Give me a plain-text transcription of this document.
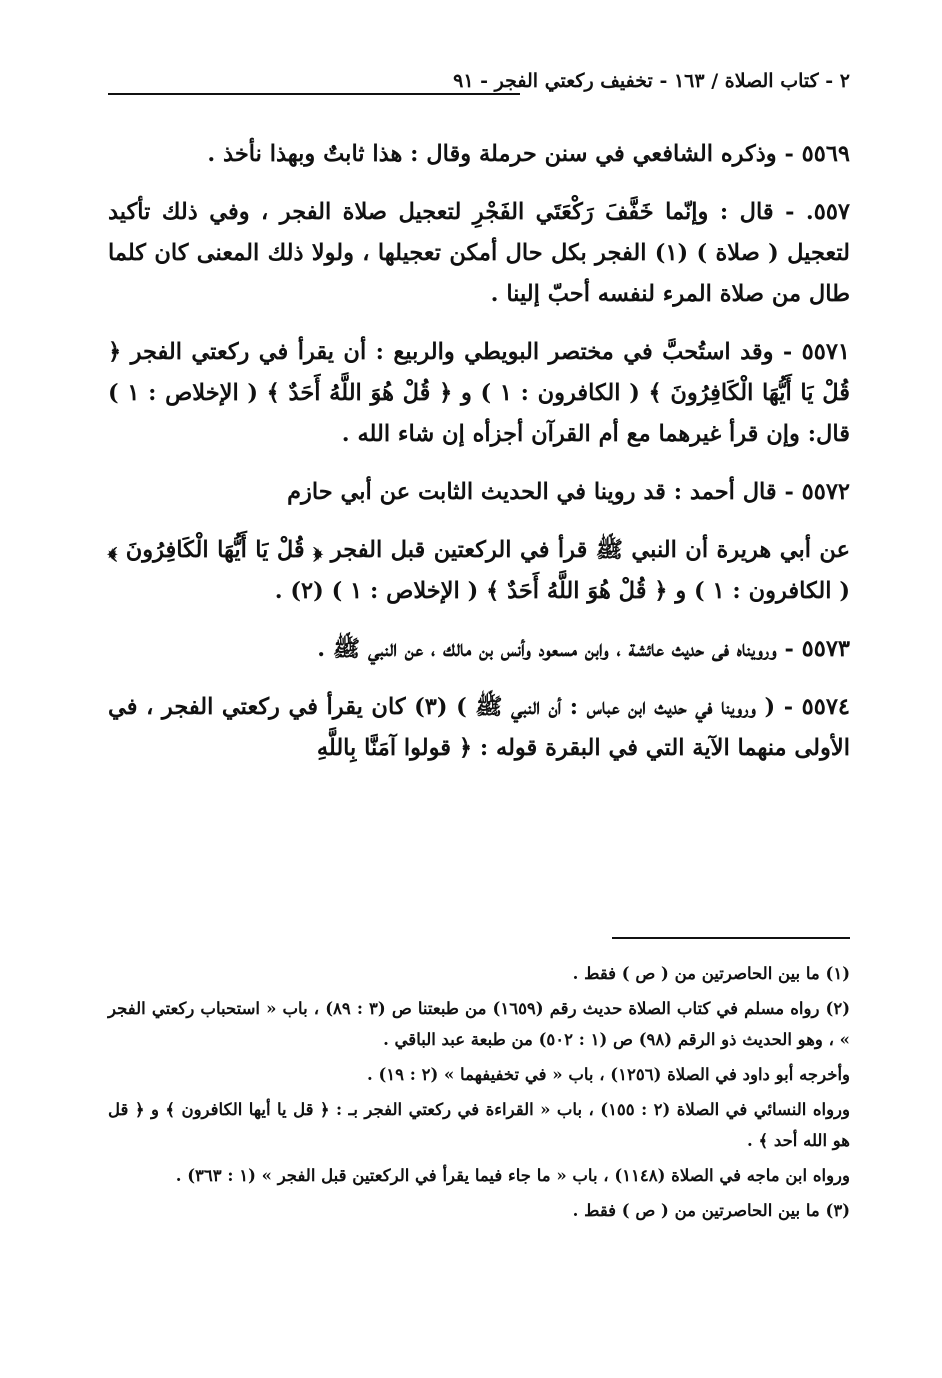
٢ - كتاب الصلاة / ١٦٣ - تخفيف ركعتي الفجر - ٩١

٥٥٦٩ - وذكره الشافعي في سنن حرملة وقال : هذا ثابتٌ وبهذا نأخذ .

٥٥٧. - قال : وإنّما خَفَّفَ رَكْعَتَي الفَجْرِ لتعجيل صلاة الفجر ، وفي ذلك تأكيد لتعجيل ( صلاة ) (١) الفجر بكل حال أمكن تعجيلها ، ولولا ذلك المعنى كان كلما طال من صلاة المرء لنفسه أحبّ إلينا .

٥٥٧١ - وقد استُحبَّ في مختصر البويطي والربيع : أن يقرأ في ركعتي الفجر ﴿ قُلْ يَا أَيُّهَا الْكَافِرُونَ ﴾ ( الكافرون : ١ ) و ﴿ قُلْ هُوَ اللَّهُ أَحَدٌ ﴾ ( الإخلاص : ١ ) قال: وإن قرأ غيرهما مع أم القرآن أجزأه إن شاء الله .

٥٥٧٢ - قال أحمد : قد روينا في الحديث الثابت عن أبي حازم

عن أبي هريرة أن النبي ﷺ قرأ في الركعتين قبل الفجر ﴿ قُلْ يَا أَيُّهَا الْكَافِرُونَ ﴾ ( الكافرون : ١ ) و ﴿ قُلْ هُوَ اللَّهُ أَحَدٌ ﴾ ( الإخلاص : ١ ) (٢) .

٥٥٧٣ - ورويناه فى حديث عائشة ، وابن مسعود وأنس بن مالك ، عن النبي ﷺ .

٥٥٧٤ - ( وروينا في حديث ابن عباس : أن النبي ﷺ ) (٣) كان يقرأ في ركعتي الفجر ، في الأولى منهما الآية التي في البقرة قوله : ﴿ قولوا آمَنَّا بِاللَّهِ

(١) ما بين الحاصرتين من ( ص ) فقط .

(٢) رواه مسلم في كتاب الصلاة حديث رقم (١٦٥٩) من طبعتنا ص (٣ : ٨٩) ، باب « استحباب ركعتي الفجر » ، وهو الحديث ذو الرقم (٩٨) ص (١ : ٥٠٢) من طبعة عبد الباقي .

وأخرجه أبو داود في الصلاة (١٢٥٦) ، باب « في تخفيفهما » (٢ : ١٩) .

ورواه النسائي في الصلاة (٢ : ١٥٥) ، باب « القراءة في ركعتي الفجر بـ : ﴿ قل يا أيها الكافرون ﴾ و ﴿ قل هو الله أحد ﴾ .

ورواه ابن ماجه في الصلاة (١١٤٨) ، باب « ما جاء فيما يقرأ في الركعتين قبل الفجر » (١ : ٣٦٣) .

(٣) ما بين الحاصرتين من ( ص ) فقط .
